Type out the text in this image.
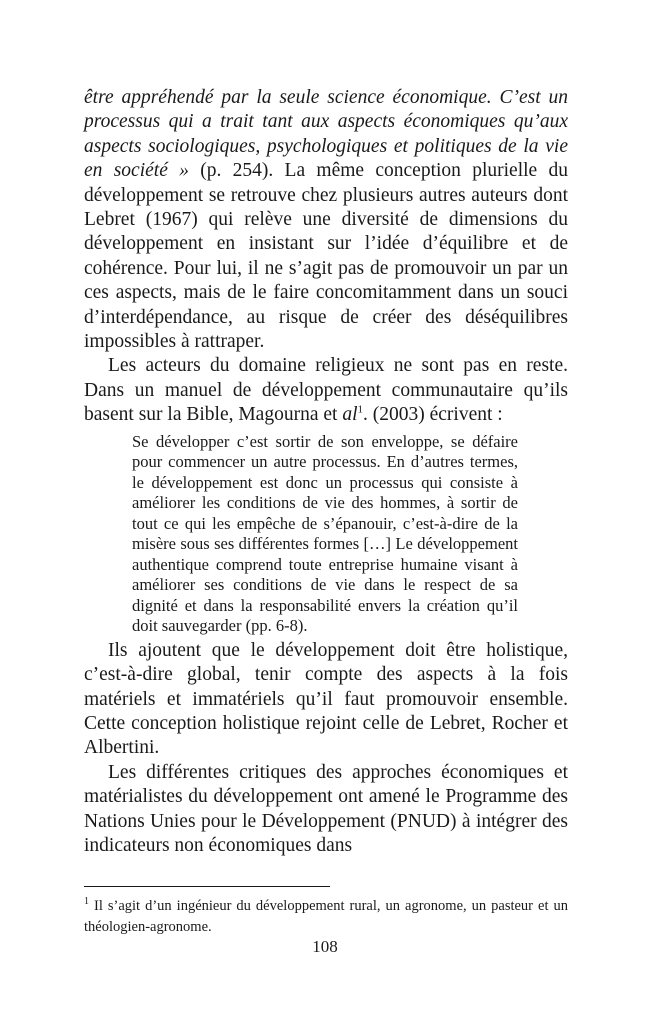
être appréhendé par la seule science économique. C’est un processus qui a trait tant aux aspects économiques qu’aux aspects sociologiques, psychologiques et politiques de la vie en société » (p. 254). La même conception plurielle du développement se retrouve chez plusieurs autres auteurs dont Lebret (1967) qui relève une diversité de dimensions du développement en insistant sur l’idée d’équilibre et de cohérence. Pour lui, il ne s’agit pas de promouvoir un par un ces aspects, mais de le faire concomitamment dans un souci d’interdépendance, au risque de créer des déséquilibres impossibles à rattraper.

Les acteurs du domaine religieux ne sont pas en reste. Dans un manuel de développement communautaire qu’ils basent sur la Bible, Magourna et $al^1$. (2003) écrivent :

Se développer c’est sortir de son enveloppe, se défaire pour commencer un autre processus. En d’autres termes, le développement est donc un processus qui consiste à améliorer les conditions de vie des hommes, à sortir de tout ce qui les empêche de s’épanouir, c’est-à-dire de la misère sous ses différentes formes […] Le développement authentique comprend toute entreprise humaine visant à améliorer ses conditions de vie dans le respect de sa dignité et dans la responsabilité envers la création qu’il doit sauvegarder (pp. 6-8).

Ils ajoutent que le développement doit être holistique, c’est-à-dire global, tenir compte des aspects à la fois matériels et immatériels qu’il faut promouvoir ensemble. Cette conception holistique rejoint celle de Lebret, Rocher et Albertini.

Les différentes critiques des approches économiques et matérialistes du développement ont amené le Programme des Nations Unies pour le Développement (PNUD) à intégrer des indicateurs non économiques dans

$^1$ Il s’agit d’un ingénieur du développement rural, un agronome, un pasteur et un théologien-agronome.
108
